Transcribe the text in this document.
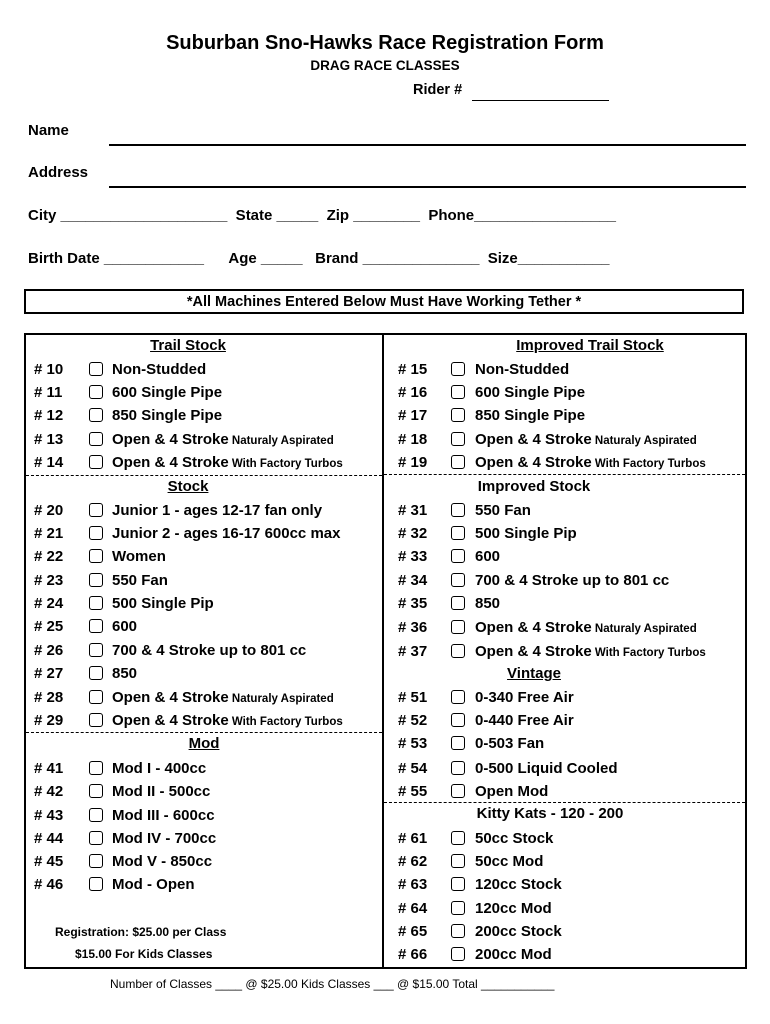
Suburban Sno-Hawks Race Registration Form
DRAG RACE CLASSES
Rider #
Name
Address
City ____________________  State _____  Zip ________  Phone_________________
Birth Date ____________      Age _____   Brand ______________  Size___________
*All Machines Entered Below Must Have Working Tether *
Trail Stock
Stock
Mod
Improved Trail Stock
Improved Stock
Vintage
Kitty Kats - 120 - 200
# 10	Non-Studded
# 11	600 Single Pipe
# 12	850 Single Pipe
# 13	Open & 4 Stroke Naturaly Aspirated
# 14	Open & 4 Stroke With Factory Turbos
# 20	Junior 1 - ages 12-17 fan only
# 21	Junior 2 - ages 16-17 600cc max
# 22	Women
# 23	550 Fan
# 24	500 Single Pip
# 25	600
# 26	700 & 4 Stroke up to 801 cc
# 27	850
# 28	Open & 4 Stroke Naturaly Aspirated
# 29	Open & 4 Stroke With Factory Turbos
# 41	Mod I - 400cc
# 42	Mod II - 500cc
# 43	Mod III - 600cc
# 44	Mod IV - 700cc
# 45	Mod V - 850cc
# 46	Mod - Open
# 15	Non-Studded
# 16	600 Single Pipe
# 17	850 Single Pipe
# 18	Open & 4 Stroke Naturaly Aspirated
# 19	Open & 4 Stroke With Factory Turbos
# 31	550 Fan
# 32	500 Single Pip
# 33	600
# 34	700 & 4 Stroke up to 801 cc
# 35	850
# 36	Open & 4 Stroke Naturaly Aspirated
# 37	Open & 4 Stroke With Factory Turbos
# 51	0-340 Free Air
# 52	0-440 Free Air
# 53	0-503 Fan
# 54	0-500 Liquid Cooled
# 55	Open Mod
# 61	50cc Stock
# 62	50cc Mod
# 63	120cc Stock
# 64	120cc Mod
# 65	200cc Stock
# 66	200cc Mod
Registration: $25.00 per Class
$15.00 For Kids Classes
Number of Classes ____ @ $25.00 Kids Classes ___ @ $15.00 Total ___________
